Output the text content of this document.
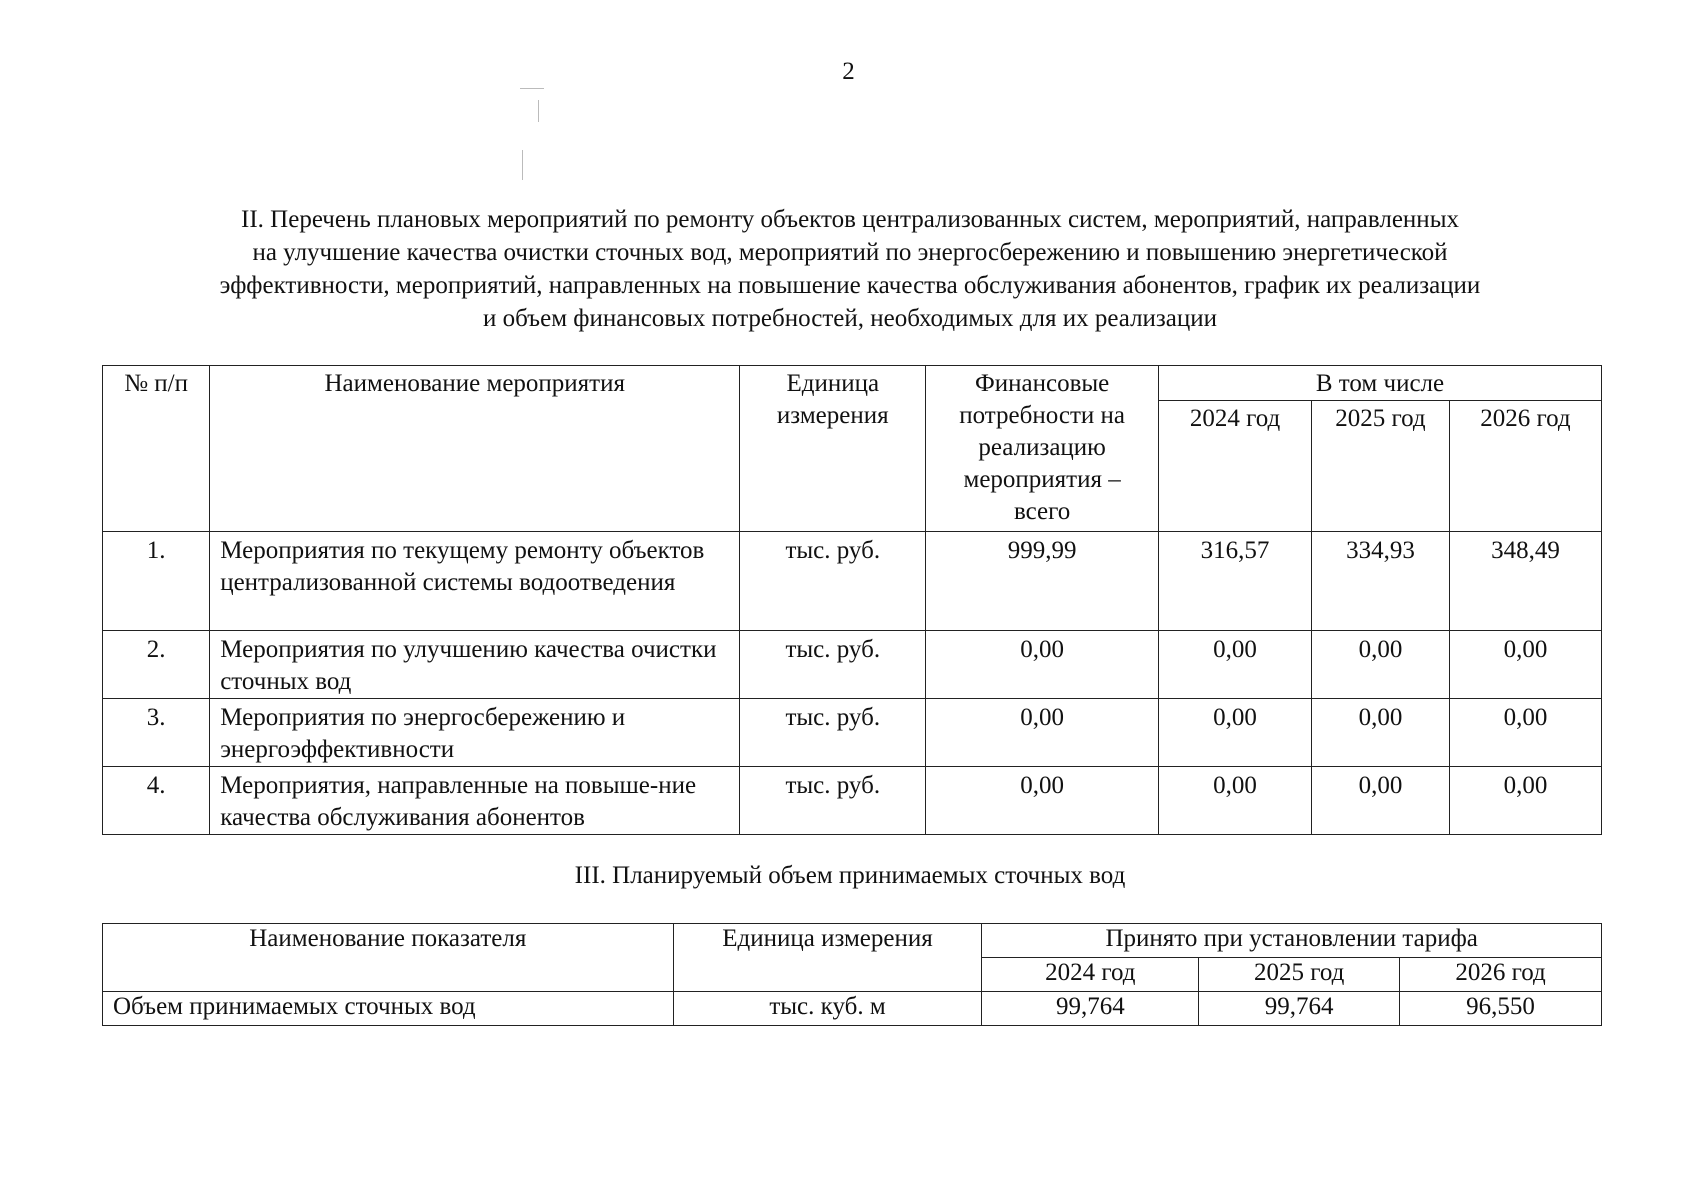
2
II. Перечень плановых мероприятий по ремонту объектов централизованных систем, мероприятий, направленных
на улучшение качества очистки сточных вод, мероприятий по энергосбережению и повышению энергетической
эффективности, мероприятий, направленных на повышение качества обслуживания абонентов, график их реализации
и объем финансовых потребностей, необходимых для их реализации
№ п/п	Наименование мероприятия	Единица измерения	Финансовые потребности на реализацию мероприятия – всего	В том числе		
				2024 год	2025 год	2026 год
1.	Мероприятия по текущему ремонту объектов централизованной системы водоотведения	тыс. руб.	999,99	316,57	334,93	348,49
2.	Мероприятия по улучшению качества очистки сточных вод	тыс. руб.	0,00	0,00	0,00	0,00
3.	Мероприятия по энергосбережению и энергоэффективности	тыс. руб.	0,00	0,00	0,00	0,00
4.	Мероприятия, направленные на повыше-ние качества обслуживания абонентов	тыс. руб.	0,00	0,00	0,00	0,00
III. Планируемый объем принимаемых сточных вод
Наименование показателя	Единица измерения	Принято при установлении тарифа		
		2024 год	2025 год	2026 год
Объем принимаемых сточных вод	тыс. куб. м	99,764	99,764	96,550
